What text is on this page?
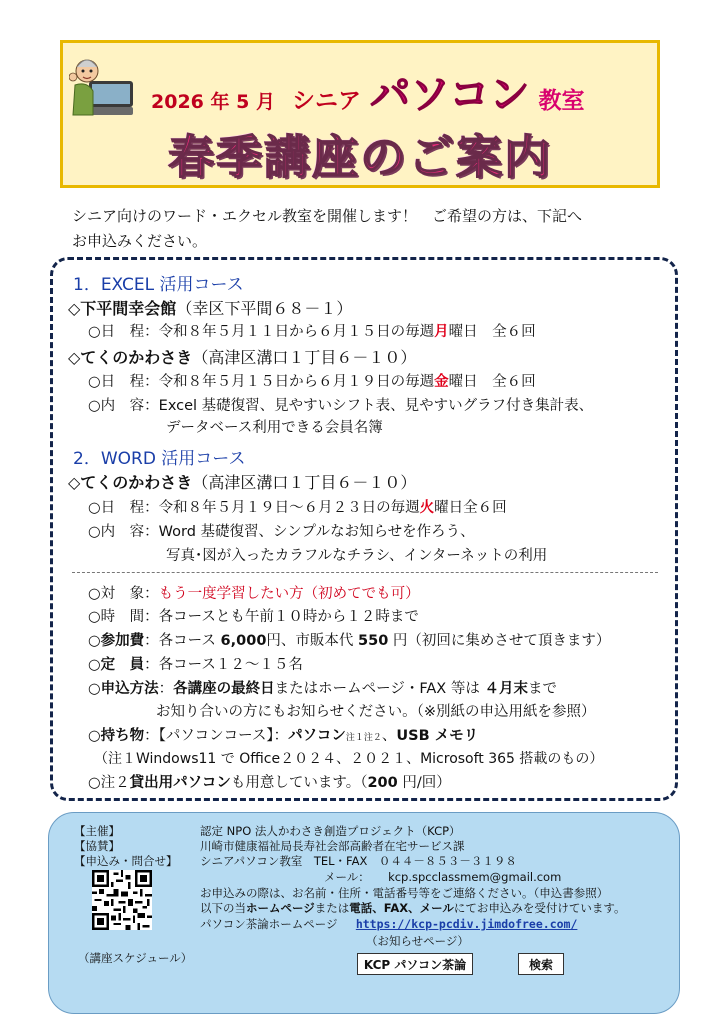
2026 年 5 月 シニア パソコン 教室
春季講座のご案内
シニア向けのワード・エクセル教室を開催します！　ご希望の方は、下記へ
お申込みください。
1．EXCEL 活用コース
◇下平間幸会館（幸区下平間６８－１）
○日　程：令和８年５月１１日から６月１５日の毎週月曜日　全６回
◇てくのかわさき（高津区溝口１丁目６－１０）
○日　程：令和８年５月１５日から６月１９日の毎週金曜日　全６回
○内　容：Excel 基礎復習、見やすいシフト表、見やすいグラフ付き集計表、
データベース利用できる会員名簿
2．WORD 活用コース
◇てくのかわさき（高津区溝口１丁目６－１０）
○日　程：令和８年５月１９日～６月２３日の毎週火曜日全６回
○内　容：Word 基礎復習、シンプルなお知らせを作ろう、
写真･図が入ったカラフルなチラシ、インターネットの利用
○対　象：もう一度学習したい方（初めてでも可）
○時　間：各コースとも午前１０時から１２時まで
○参加費：各コース 6,000円、市販本代 550 円（初回に集めさせて頂きます）
○定　員：各コース１２～１５名
○申込方法：各講座の最終日またはホームページ・FAX 等は ４月末まで
お知り合いの方にもお知らせください。（※別紙の申込用紙を参照）
○持ち物：【パソコンコース】：パソコン注１注２、USB メモリ
（注１Windows11 で Office２０２４、２０２１、Microsoft 365 搭載のもの）
○注２貸出用パソコンも用意しています。（200 円/回）
【主催】	認定 NPO 法人かわさき創造プロジェクト（KCP）
【協賛】	川崎市健康福祉局長寿社会部高齢者在宅サービス課
【申込み・問合せ】 シニアパソコン教室　TEL・FAX　０４４－８５３－３１９８
メール： kcp.spcclassmem@gmail.com
お申込みの際は、お名前・住所・電話番号等をご連絡ください。（申込書参照）
以下の当ホームページまたは電話、FAX、メールにてお申込みを受付けています。
パソコン茶論ホームページ https://kcp-pcdiv.jimdofree.com/
（お知らせページ）
（講座スケジュール）	KCP パソコン茶論	検索
